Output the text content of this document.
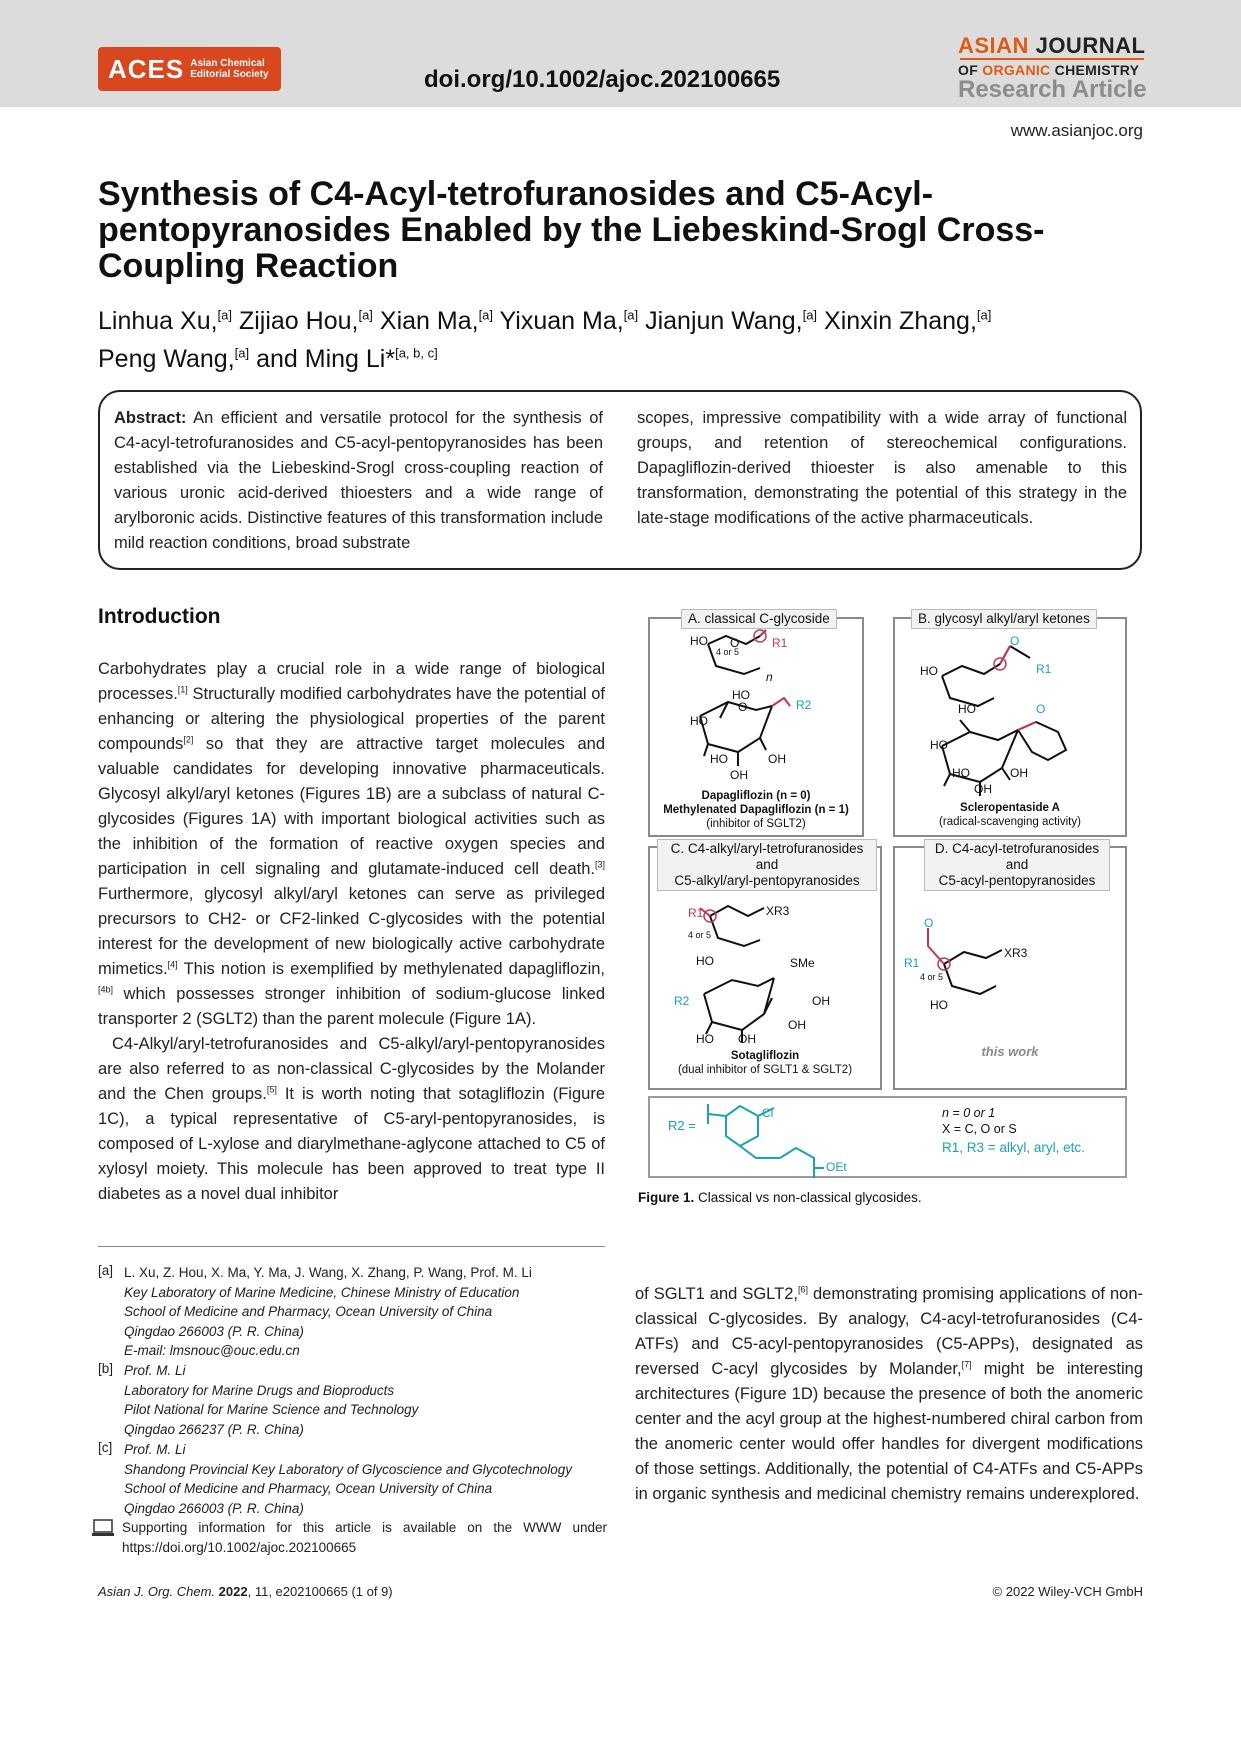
ACES Asian Chemical
Editorial Society	doi.org/10.1002/ajoc.202100665
ASIAN JOURNAL
OF ORGANIC CHEMISTRY
Research Article
www.asianjoc.org
Synthesis of C4-Acyl-tetrofuranosides and C5-Acyl-pentopyranosides Enabled by the Liebeskind-Srogl Cross-Coupling Reaction
Linhua Xu,[a] Zijiao Hou,[a] Xian Ma,[a] Yixuan Ma,[a] Jianjun Wang,[a] Xinxin Zhang,[a]
Peng Wang,[a] and Ming Li*[a, b, c]
Abstract: An efficient and versatile protocol for the synthesis of C4-acyl-tetrofuranosides and C5-acyl-pentopyranosides has been established via the Liebeskind-Srogl cross-coupling reaction of various uronic acid-derived thioesters and a wide range of arylboronic acids. Distinctive features of this transformation include mild reaction conditions, broad substrate
scopes, impressive compatibility with a wide array of functional groups, and retention of stereochemical configurations. Dapagliflozin-derived thioester is also amenable to this transformation, demonstrating the potential of this strategy in the late-stage modifications of the active pharmaceuticals.
Introduction

Carbohydrates play a crucial role in a wide range of biological processes.[1] Structurally modified carbohydrates have the potential of enhancing or altering the physiological properties of the parent compounds[2] so that they are attractive target molecules and valuable candidates for developing innovative pharmaceuticals. Glycosyl alkyl/aryl ketones (Figures 1B) are a subclass of natural C-glycosides (Figures 1A) with important biological activities such as the inhibition of the formation of reactive oxygen species and participation in cell signaling and glutamate-induced cell death.[3] Furthermore, glycosyl alkyl/aryl ketones can serve as privileged precursors to CH2- or CF2-linked C-glycosides with the potential interest for the development of new biologically active carbohydrate mimetics.[4] This notion is exemplified by methylenated dapagliflozin,[4b] which possesses stronger inhibition of sodium-glucose linked transporter 2 (SGLT2) than the parent molecule (Figure 1A).

C4-Alkyl/aryl-tetrofuranosides and C5-alkyl/aryl-pentopyranosides are also referred to as non-classical C-glycosides by the Molander and the Chen groups.[5] It is worth noting that sotagliflozin (Figure 1C), a typical representative of C5-aryl-pentopyranosides, is composed of L-xylose and diarylmethane-aglycone attached to C5 of xylosyl moiety. This molecule has been approved to treat type II diabetes as a novel dual inhibitor

of SGLT1 and SGLT2,[6] demonstrating promising applications of non-classical C-glycosides. By analogy, C4-acyl-tetrofuranosides (C4-ATFs) and C5-acyl-pentopyranosides (C5-APPs), designated as reversed C-acyl glycosides by Molander,[7] might be interesting architectures (Figure 1D) because the presence of both the anomeric center and the acyl group at the highest-numbered chiral carbon from the anomeric center would offer handles for divergent modifications of those settings. Additionally, the potential of C4-ATFs and C5-APPs in organic synthesis and medicinal chemistry remains underexplored.

A. classical C-glycoside	B. glycosyl alkyl/aryl ketones
C. C4-alkyl/aryl-tetrofuranosides
and
C5-alkyl/aryl-pentopyranosides
D. C4-acyl-tetrofuranosides
and
C5-acyl-pentopyranosides
HO
4 or 5
O	R1
n
HO
HO
O	R2
HO	OH
OH
Dapagliflozin (n = 0)
Methylenated Dapagliflozin (n = 1)
(inhibitor of SGLT2)
HO
O
R1
HO
HO
O
HO	OH
OH
Scleropentaside A
(radical-scavenging activity)
R1	XR3
4 or 5
HO	SMe
R2	OH
OH
HO OH
Sotagliflozin
(dual inhibitor of SGLT1 & SGLT2)
O
R1
XR3
4 or 5
HO
this work
R2 =
Cl
OEt
n = 0 or 1
X = C, O or S
R1, R3 = alkyl, aryl, etc.
Figure 1. Classical vs non-classical glycosides.
[a] L. Xu, Z. Hou, X. Ma, Y. Ma, J. Wang, X. Zhang, P. Wang, Prof. M. Li
Key Laboratory of Marine Medicine, Chinese Ministry of Education
School of Medicine and Pharmacy, Ocean University of China
Qingdao 266003 (P. R. China)
E-mail: lmsnouc@ouc.edu.cn
[b] Prof. M. Li
Laboratory for Marine Drugs and Bioproducts
Pilot National for Marine Science and Technology
Qingdao 266237 (P. R. China)
[c] Prof. M. Li
Shandong Provincial Key Laboratory of Glycoscience and Glycotechnology
School of Medicine and Pharmacy, Ocean University of China
Qingdao 266003 (P. R. China)
Supporting information for this article is available on the WWW under https://doi.org/10.1002/ajoc.202100665
Asian J. Org. Chem. 2022, 11, e202100665 (1 of 9)	© 2022 Wiley-VCH GmbH
